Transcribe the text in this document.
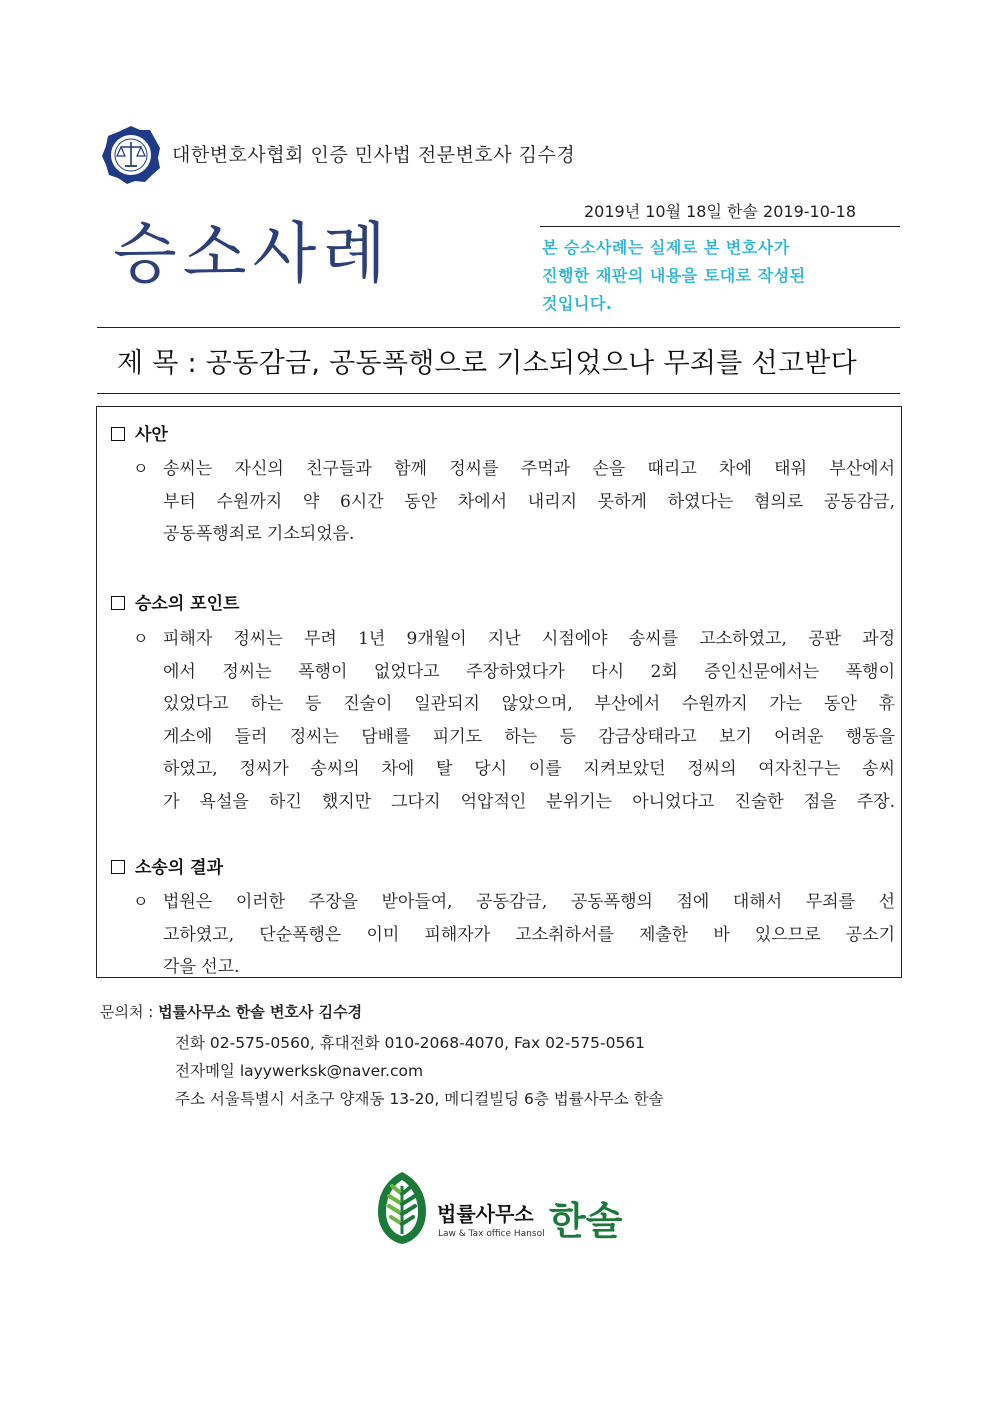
대한변호사협회 인증 민사법 전문변호사 김수경
2019년 10월 18일 한솔 2019-10-18
승소사례	본 승소사례는 실제로 본 변호사가
진행한 재판의 내용을 토대로 작성된
것입니다.
제 목 : 공동감금, 공동폭행으로 기소되었으나 무죄를 선고받다
사안
ㅇ 송씨는 자신의 친구들과 함께 정씨를 주먹과 손을 때리고 차에 태워 부산에서
부터 수원까지 약 6시간 동안 차에서 내리지 못하게 하였다는 혐의로 공동감금,
공동폭행죄로 기소되었음.
승소의 포인트
ㅇ 피해자 정씨는 무려 1년 9개월이 지난 시점에야 송씨를 고소하였고, 공판 과정
에서 정씨는 폭행이 없었다고 주장하였다가 다시 2회 증인신문에서는 폭행이
있었다고 하는 등 진술이 일관되지 않았으며, 부산에서 수원까지 가는 동안 휴
게소에 들러 정씨는 담배를 피기도 하는 등 감금상태라고 보기 어려운 행동을
하였고, 정씨가 송씨의 차에 탈 당시 이를 지켜보았던 정씨의 여자친구는 송씨
가 욕설을 하긴 했지만 그다지 억압적인 분위기는 아니었다고 진술한 점을 주장.
소송의 결과
ㅇ 법원은 이러한 주장을 받아들여, 공동감금, 공동폭행의 점에 대해서 무죄를 선
고하였고, 단순폭행은 이미 피해자가 고소취하서를 제출한 바 있으므로 공소기
각을 선고.
문의처 : 법률사무소 한솔 변호사 김수경
전화 02-575-0560, 휴대전화 010-2068-4070, Fax 02-575-0561
전자메일 layywerksk@naver.com
주소 서울특별시 서초구 양재동 13-20, 메디컬빌딩 6층 법률사무소 한솔
법률사무소
Law & Tax office Hansol 한솔
